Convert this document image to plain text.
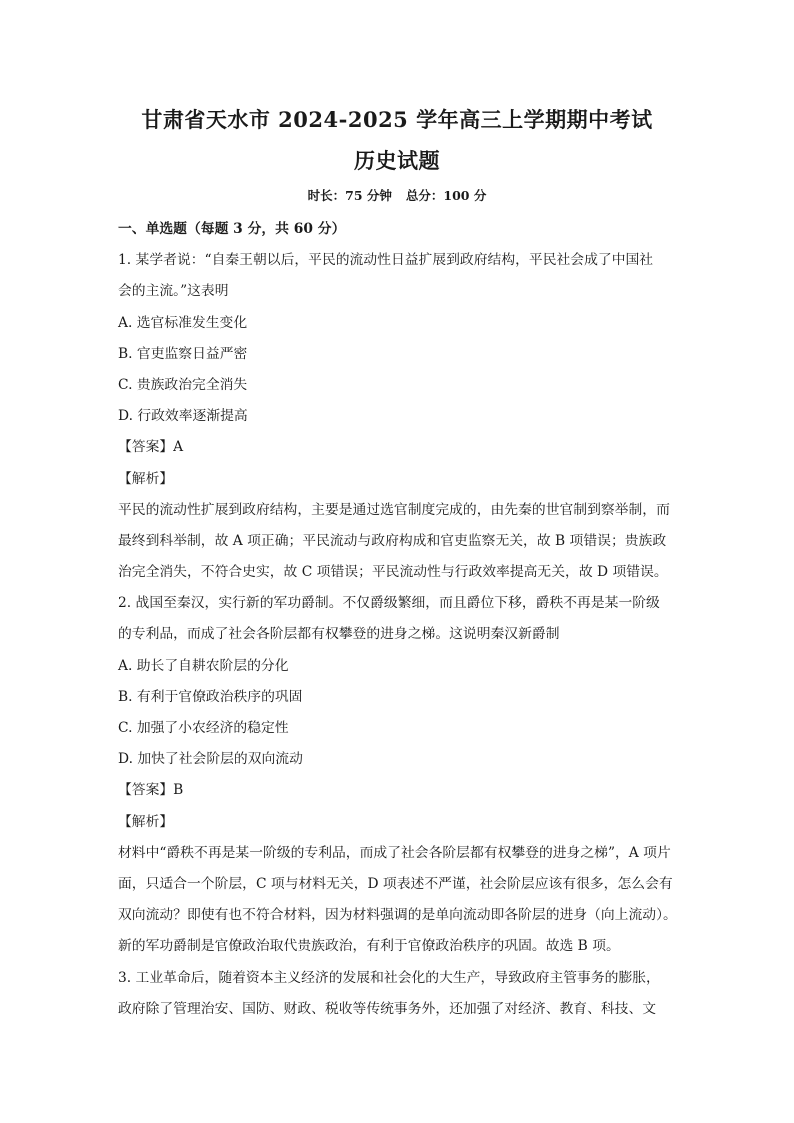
甘肃省天水市 2024-2025 学年高三上学期期中考试
历史试题
时长：75 分钟 总分：100 分
一、单选题（每题 3 分，共 60 分）
1. 某学者说：“自秦王朝以后，平民的流动性日益扩展到政府结构，平民社会成了中国社
会的主流。”这表明
A. 选官标准发生变化
B. 官吏监察日益严密
C. 贵族政治完全消失
D. 行政效率逐渐提高
【答案】A
【解析】
平民的流动性扩展到政府结构，主要是通过选官制度完成的，由先秦的世官制到察举制，而
最终到科举制，故 A 项正确；平民流动与政府构成和官吏监察无关，故 B 项错误；贵族政
治完全消失，不符合史实，故 C 项错误；平民流动性与行政效率提高无关，故 D 项错误。
2. 战国至秦汉，实行新的军功爵制。不仅爵级繁细，而且爵位下移，爵秩不再是某一阶级
的专利品，而成了社会各阶层都有权攀登的进身之梯。这说明秦汉新爵制
A. 助长了自耕农阶层的分化
B. 有利于官僚政治秩序的巩固
C. 加强了小农经济的稳定性
D. 加快了社会阶层的双向流动
【答案】B
【解析】
材料中“爵秩不再是某一阶级的专利品，而成了社会各阶层都有权攀登的进身之梯”，A 项片
面，只适合一个阶层，C 项与材料无关，D 项表述不严谨，社会阶层应该有很多，怎么会有
双向流动？即使有也不符合材料，因为材料强调的是单向流动即各阶层的进身（向上流动）。
新的军功爵制是官僚政治取代贵族政治，有利于官僚政治秩序的巩固。故选 B 项。
3. 工业革命后，随着资本主义经济的发展和社会化的大生产，导致政府主管事务的膨胀，
政府除了管理治安、国防、财政、税收等传统事务外，还加强了对经济、教育、科技、文
